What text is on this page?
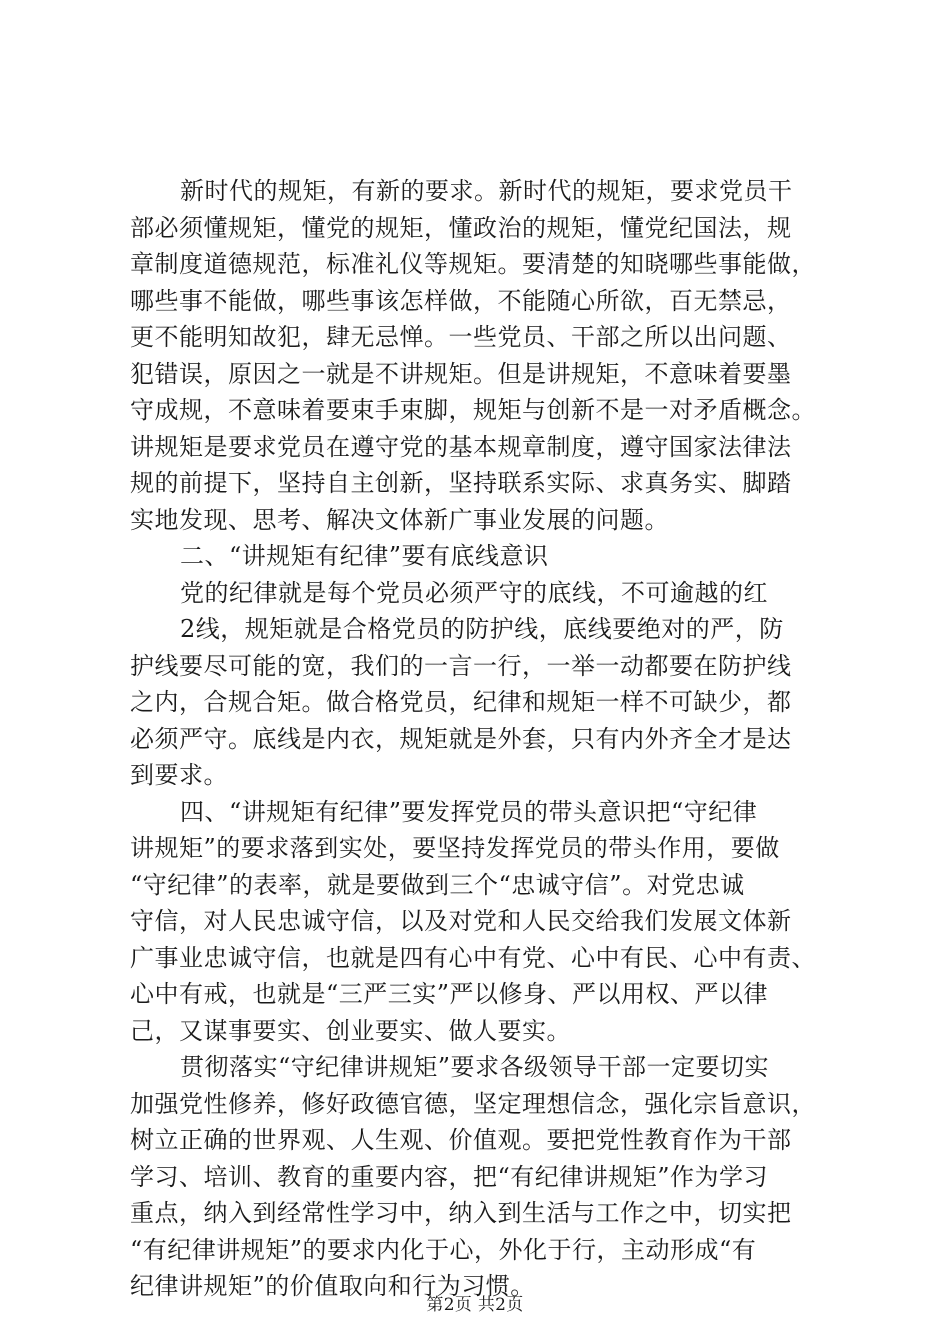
新时代的规矩，有新的要求。新时代的规矩，要求党员干
部必须懂规矩，懂党的规矩，懂政治的规矩，懂党纪国法，规
章制度道德规范，标准礼仪等规矩。要清楚的知晓哪些事能做，
哪些事不能做，哪些事该怎样做，不能随心所欲，百无禁忌，
更不能明知故犯，肆无忌惮。一些党员、干部之所以出问题、
犯错误，原因之一就是不讲规矩。但是讲规矩，不意味着要墨
守成规，不意味着要束手束脚，规矩与创新不是一对矛盾概念。
讲规矩是要求党员在遵守党的基本规章制度，遵守国家法律法
规的前提下，坚持自主创新，坚持联系实际、求真务实、脚踏
实地发现、思考、解决文体新广事业发展的问题。
二、“讲规矩有纪律”要有底线意识
党的纪律就是每个党员必须严守的底线，不可逾越的红
2线，规矩就是合格党员的防护线，底线要绝对的严，防
护线要尽可能的宽，我们的一言一行，一举一动都要在防护线
之内，合规合矩。做合格党员，纪律和规矩一样不可缺少，都
必须严守。底线是内衣，规矩就是外套，只有内外齐全才是达
到要求。
四、“讲规矩有纪律”要发挥党员的带头意识把“守纪律
讲规矩”的要求落到实处，要坚持发挥党员的带头作用，要做
“守纪律”的表率，就是要做到三个“忠诚守信”。对党忠诚
守信，对人民忠诚守信，以及对党和人民交给我们发展文体新
广事业忠诚守信，也就是四有心中有党、心中有民、心中有责、
心中有戒，也就是“三严三实”严以修身、严以用权、严以律
己，又谋事要实、创业要实、做人要实。
贯彻落实“守纪律讲规矩”要求各级领导干部一定要切实
加强党性修养，修好政德官德，坚定理想信念，强化宗旨意识，
树立正确的世界观、人生观、价值观。要把党性教育作为干部
学习、培训、教育的重要内容，把“有纪律讲规矩”作为学习
重点，纳入到经常性学习中，纳入到生活与工作之中，切实把
“有纪律讲规矩”的要求内化于心，外化于行，主动形成“有
纪律讲规矩”的价值取向和行为习惯。
第2页 共2页
